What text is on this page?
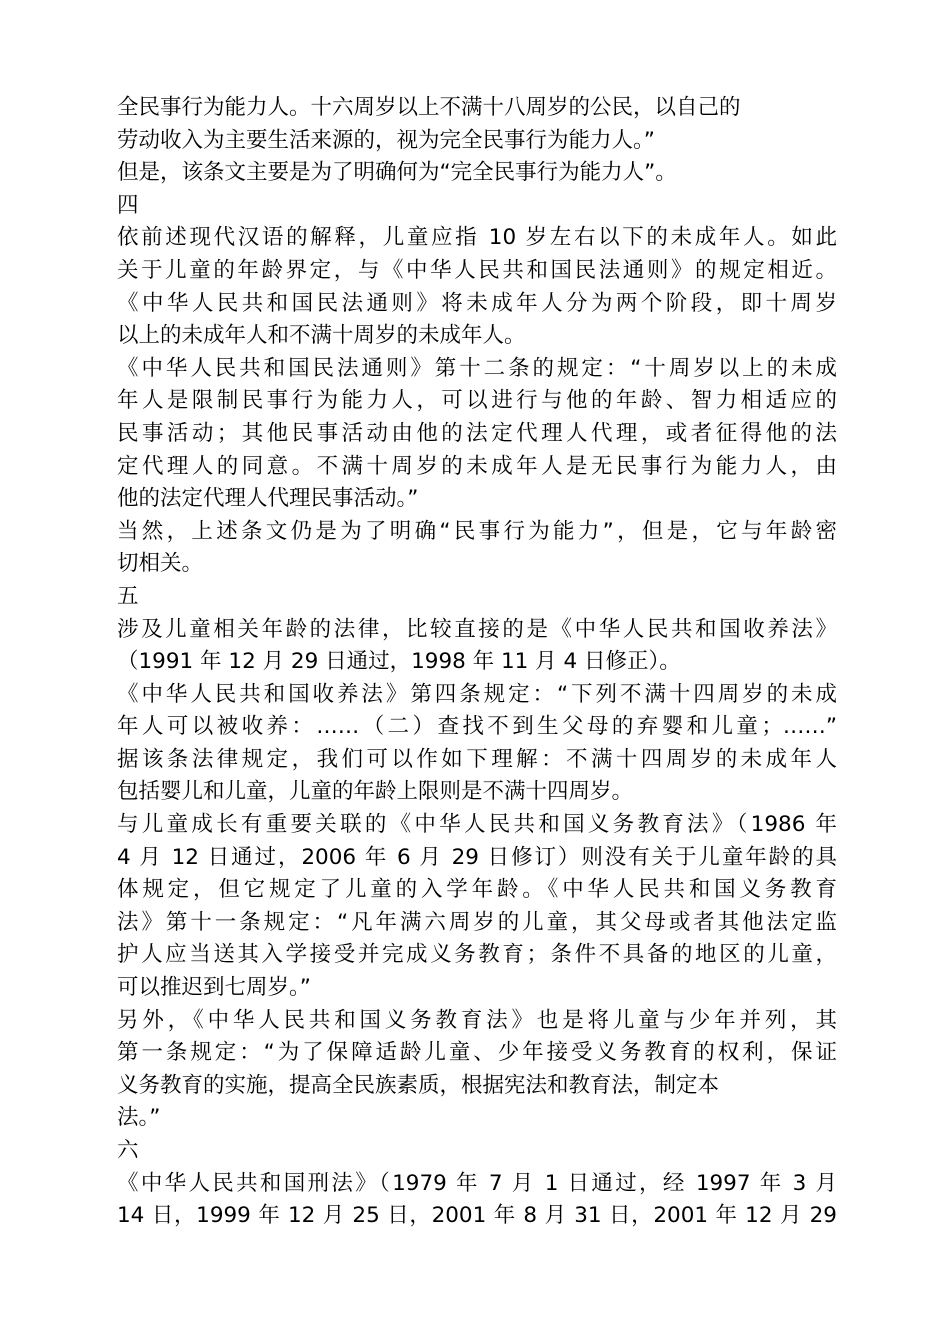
全民事行为能力人。十六周岁以上不满十八周岁的公民，以自己的
劳动收入为主要生活来源的，视为完全民事行为能力人。”
但是，该条文主要是为了明确何为“完全民事行为能力人”。
四
依前述现代汉语的解释，儿童应指 10 岁左右以下的未成年人。如此
关于儿童的年龄界定，与《中华人民共和国民法通则》的规定相近。
《中华人民共和国民法通则》将未成年人分为两个阶段，即十周岁
以上的未成年人和不满十周岁的未成年人。
《中华人民共和国民法通则》第十二条的规定：“十周岁以上的未成
年人是限制民事行为能力人，可以进行与他的年龄、智力相适应的
民事活动；其他民事活动由他的法定代理人代理，或者征得他的法
定代理人的同意。不满十周岁的未成年人是无民事行为能力人，由
他的法定代理人代理民事活动。”
当然，上述条文仍是为了明确“民事行为能力”，但是，它与年龄密
切相关。
五
涉及儿童相关年龄的法律，比较直接的是《中华人民共和国收养法》
（1991 年 12 月 29 日通过，1998 年 11 月 4 日修正）。
《中华人民共和国收养法》第四条规定：“下列不满十四周岁的未成
年人可以被收养：……（二）查找不到生父母的弃婴和儿童；……”
据该条法律规定，我们可以作如下理解：不满十四周岁的未成年人
包括婴儿和儿童，儿童的年龄上限则是不满十四周岁。
与儿童成长有重要关联的《中华人民共和国义务教育法》（1986 年
4 月 12 日通过，2006 年 6 月 29 日修订）则没有关于儿童年龄的具
体规定，但它规定了儿童的入学年龄。《中华人民共和国义务教育
法》第十一条规定：“凡年满六周岁的儿童，其父母或者其他法定监
护人应当送其入学接受并完成义务教育；条件不具备的地区的儿童，
可以推迟到七周岁。”
另外，《中华人民共和国义务教育法》也是将儿童与少年并列，其
第一条规定：“为了保障适龄儿童、少年接受义务教育的权利，保证
义务教育的实施，提高全民族素质，根据宪法和教育法，制定本
法。”
六
《中华人民共和国刑法》（1979 年 7 月 1 日通过，经 1997 年 3 月
14 日，1999 年 12 月 25 日，2001 年 8 月 31 日，2001 年 12 月 29
